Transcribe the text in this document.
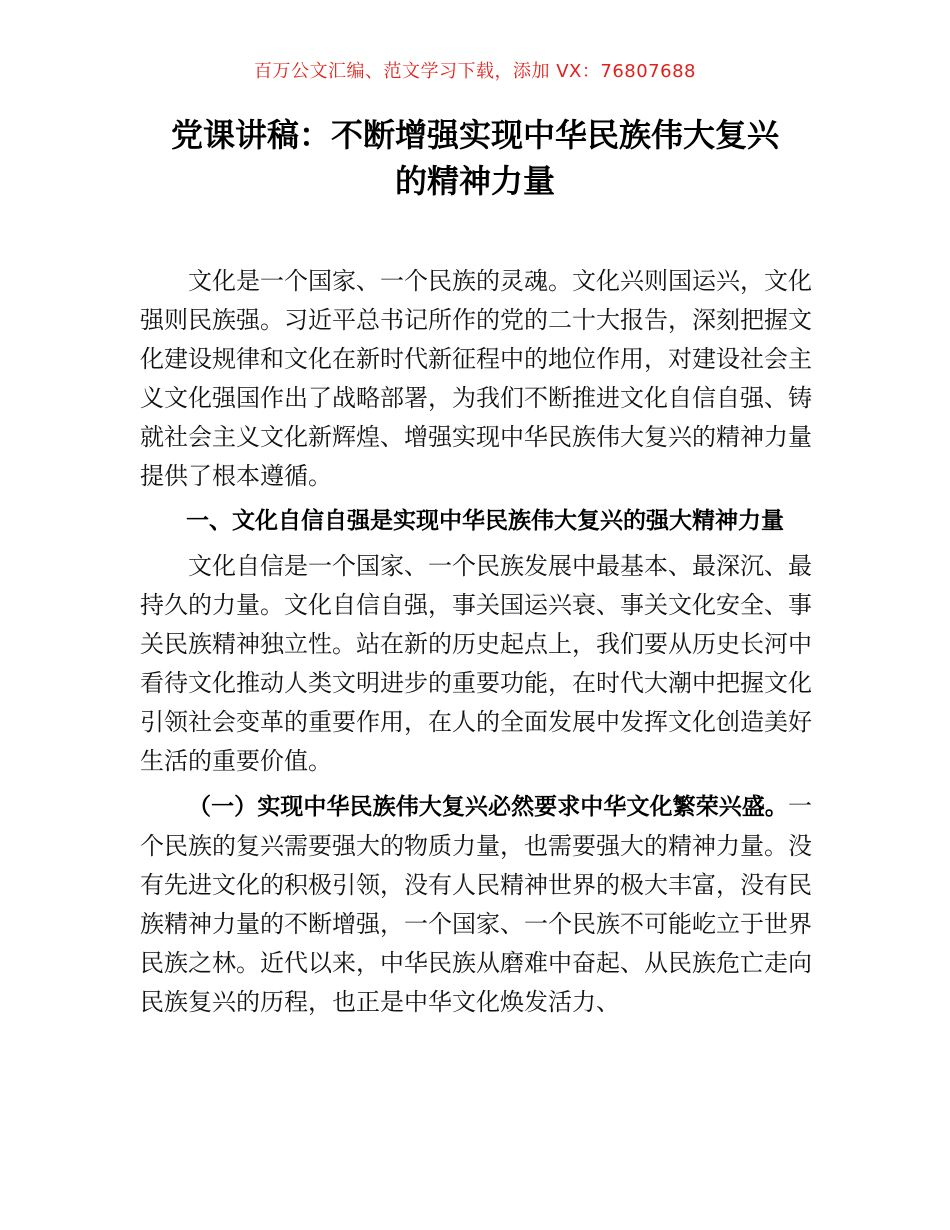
百万公文汇编、范文学习下载，添加 VX：76807688
党课讲稿：不断增强实现中华民族伟大复兴
的精神力量

文化是一个国家、一个民族的灵魂。文化兴则国运兴，文化强则民族强。习近平总书记所作的党的二十大报告，深刻把握文化建设规律和文化在新时代新征程中的地位作用，对建设社会主义文化强国作出了战略部署，为我们不断推进文化自信自强、铸就社会主义文化新辉煌、增强实现中华民族伟大复兴的精神力量提供了根本遵循。

一、文化自信自强是实现中华民族伟大复兴的强大精神力量

文化自信是一个国家、一个民族发展中最基本、最深沉、最持久的力量。文化自信自强，事关国运兴衰、事关文化安全、事关民族精神独立性。站在新的历史起点上，我们要从历史长河中看待文化推动人类文明进步的重要功能，在时代大潮中把握文化引领社会变革的重要作用，在人的全面发展中发挥文化创造美好生活的重要价值。

（一）实现中华民族伟大复兴必然要求中华文化繁荣兴盛。一个民族的复兴需要强大的物质力量，也需要强大的精神力量。没有先进文化的积极引领，没有人民精神世界的极大丰富，没有民族精神力量的不断增强，一个国家、一个民族不可能屹立于世界民族之林。近代以来，中华民族从磨难中奋起、从民族危亡走向民族复兴的历程，也正是中华文化焕发活力、
